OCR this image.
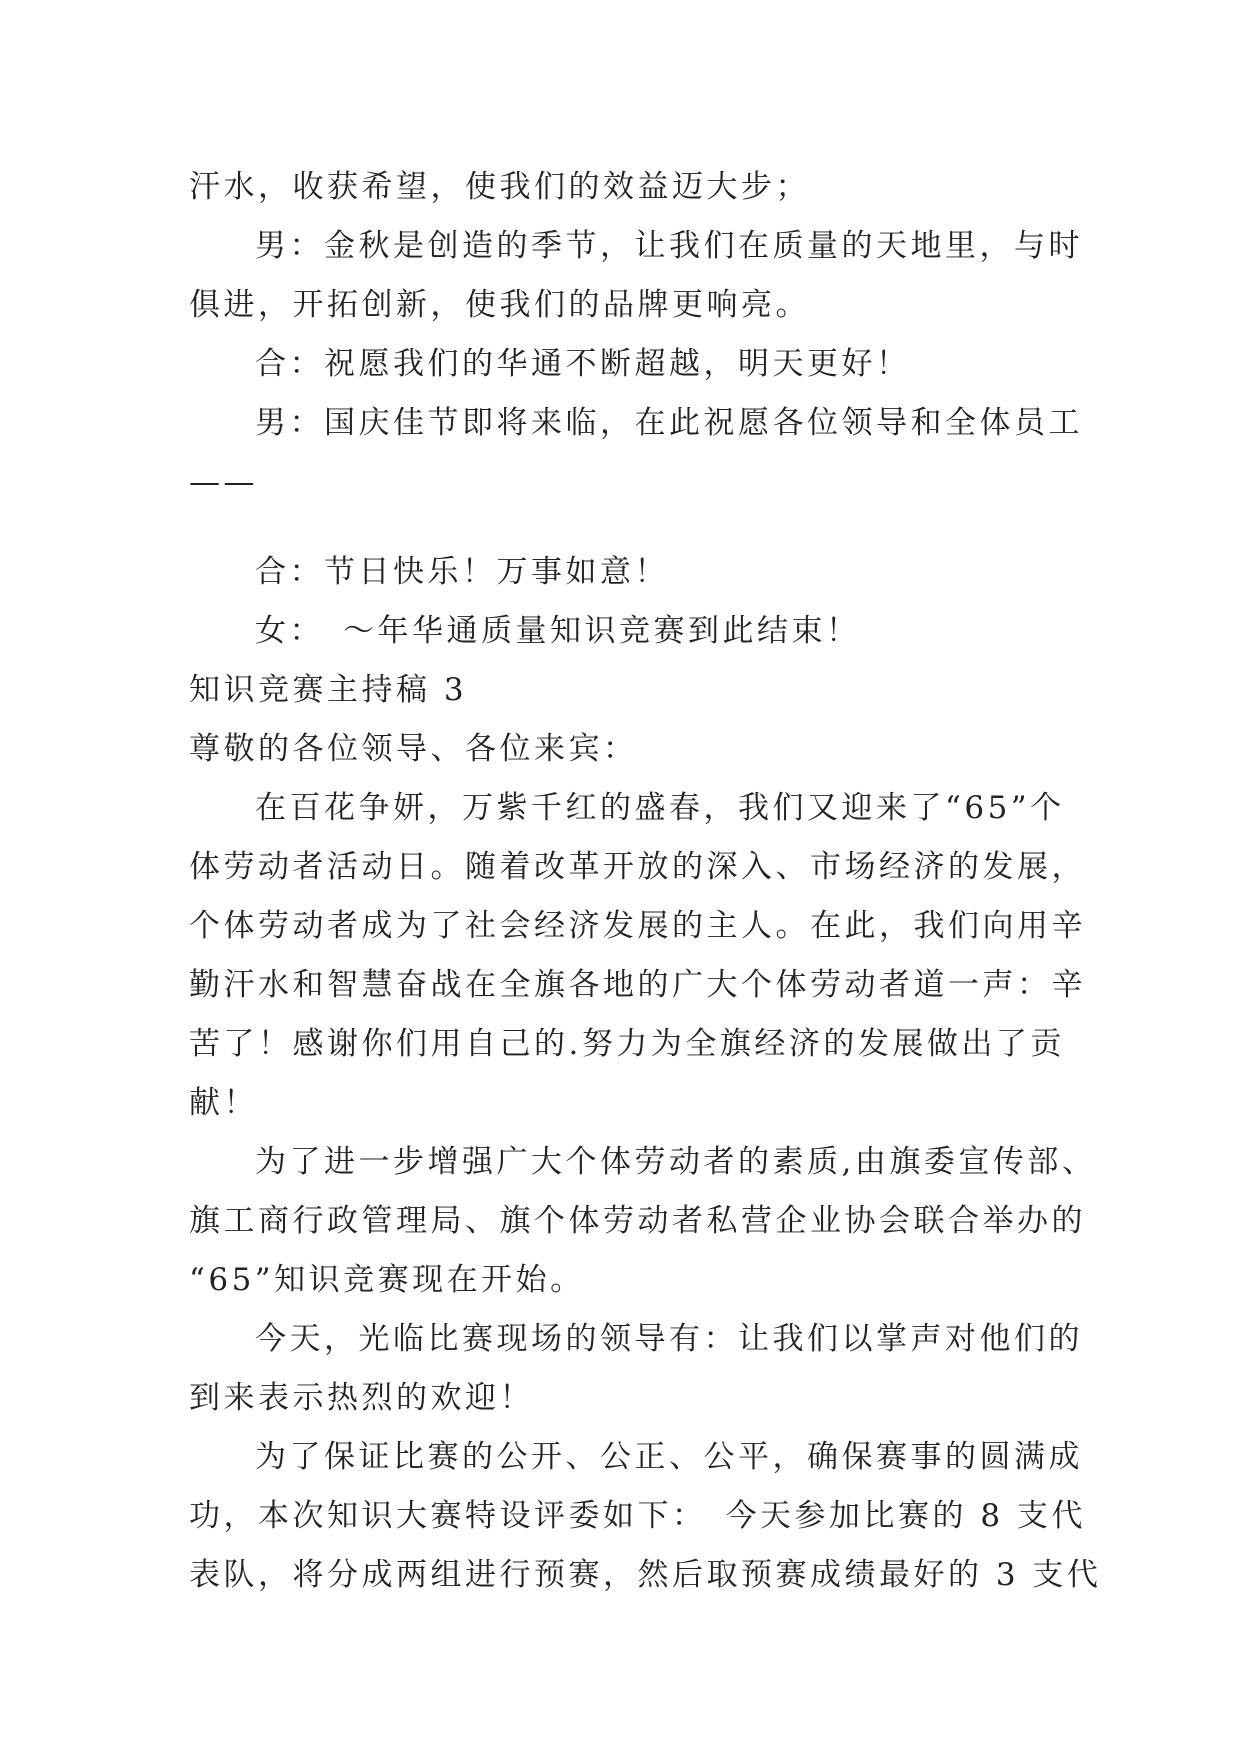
汗水，收获希望，使我们的效益迈大步；
男：金秋是创造的季节，让我们在质量的天地里，与时
俱进，开拓创新，使我们的品牌更响亮。
合：祝愿我们的华通不断超越，明天更好！
男：国庆佳节即将来临，在此祝愿各位领导和全体员工
——
合：节日快乐！万事如意！
女：　～年华通质量知识竞赛到此结束！
知识竞赛主持稿 3
尊敬的各位领导、各位来宾：
在百花争妍，万紫千红的盛春，我们又迎来了“65”个
体劳动者活动日。随着改革开放的深入、市场经济的发展，
个体劳动者成为了社会经济发展的主人。在此，我们向用辛
勤汗水和智慧奋战在全旗各地的广大个体劳动者道一声：辛
苦了！感谢你们用自己的.努力为全旗经济的发展做出了贡
献！
为了进一步增强广大个体劳动者的素质,由旗委宣传部、
旗工商行政管理局、旗个体劳动者私营企业协会联合举办的
“65”知识竞赛现在开始。
今天，光临比赛现场的领导有：让我们以掌声对他们的
到来表示热烈的欢迎！
为了保证比赛的公开、公正、公平，确保赛事的圆满成
功，本次知识大赛特设评委如下：　今天参加比赛的 8 支代
表队，将分成两组进行预赛，然后取预赛成绩最好的 3 支代
